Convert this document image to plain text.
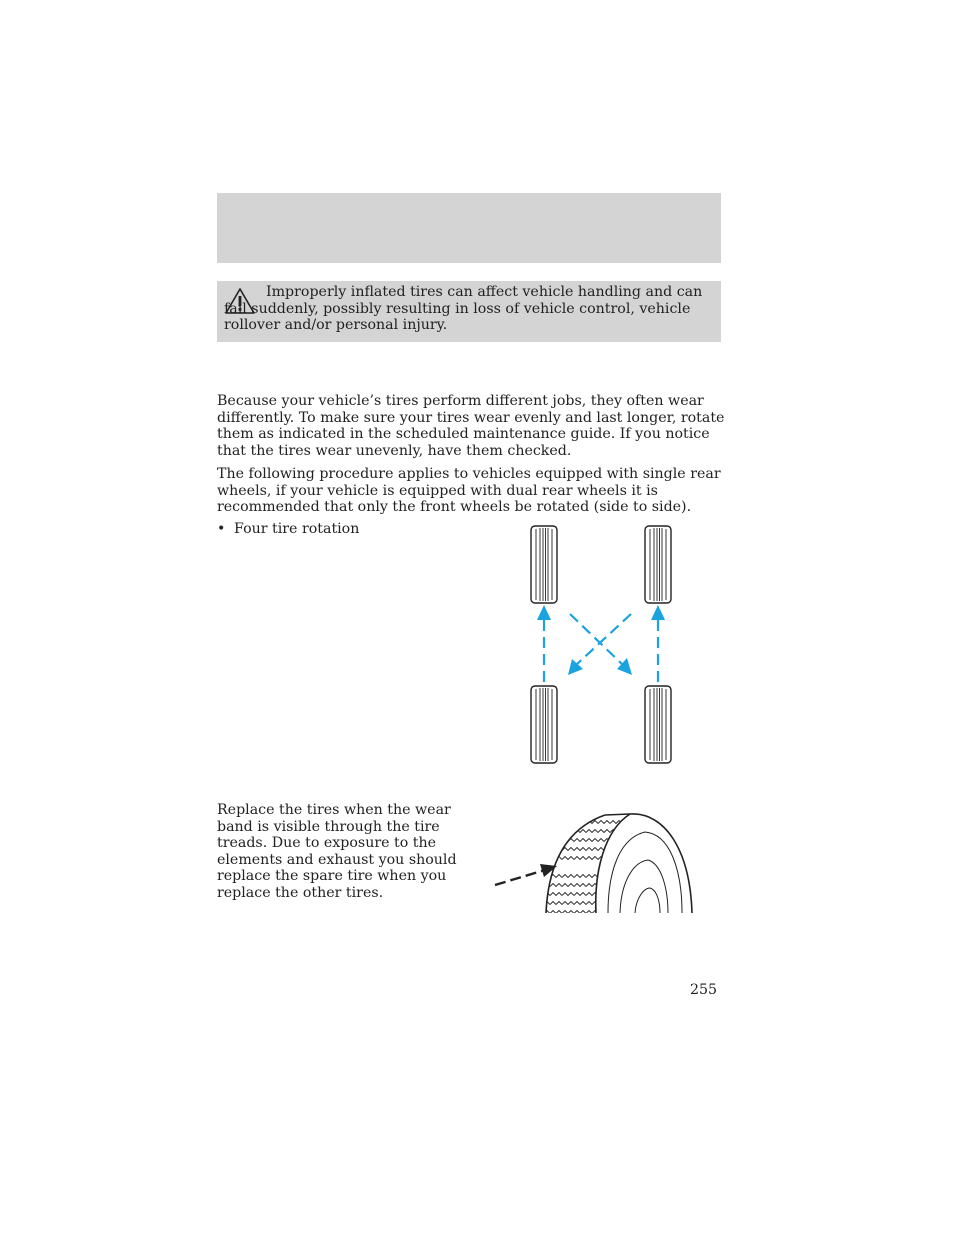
Improperly inflated tires can affect vehicle handling and can fail suddenly, possibly resulting in loss of vehicle control, vehicle rollover and/or personal injury.

Because your vehicle’s tires perform different jobs, they often wear differently. To make sure your tires wear evenly and last longer, rotate them as indicated in the scheduled maintenance guide. If you notice that the tires wear unevenly, have them checked.

The following procedure applies to vehicles equipped with single rear wheels, if your vehicle is equipped with dual rear wheels it is recommended that only the front wheels be rotated (side to side).

• Four tire rotation

Replace the tires when the wear band is visible through the tire treads. Due to exposure to the elements and exhaust you should replace the spare tire when you replace the other tires.

255
